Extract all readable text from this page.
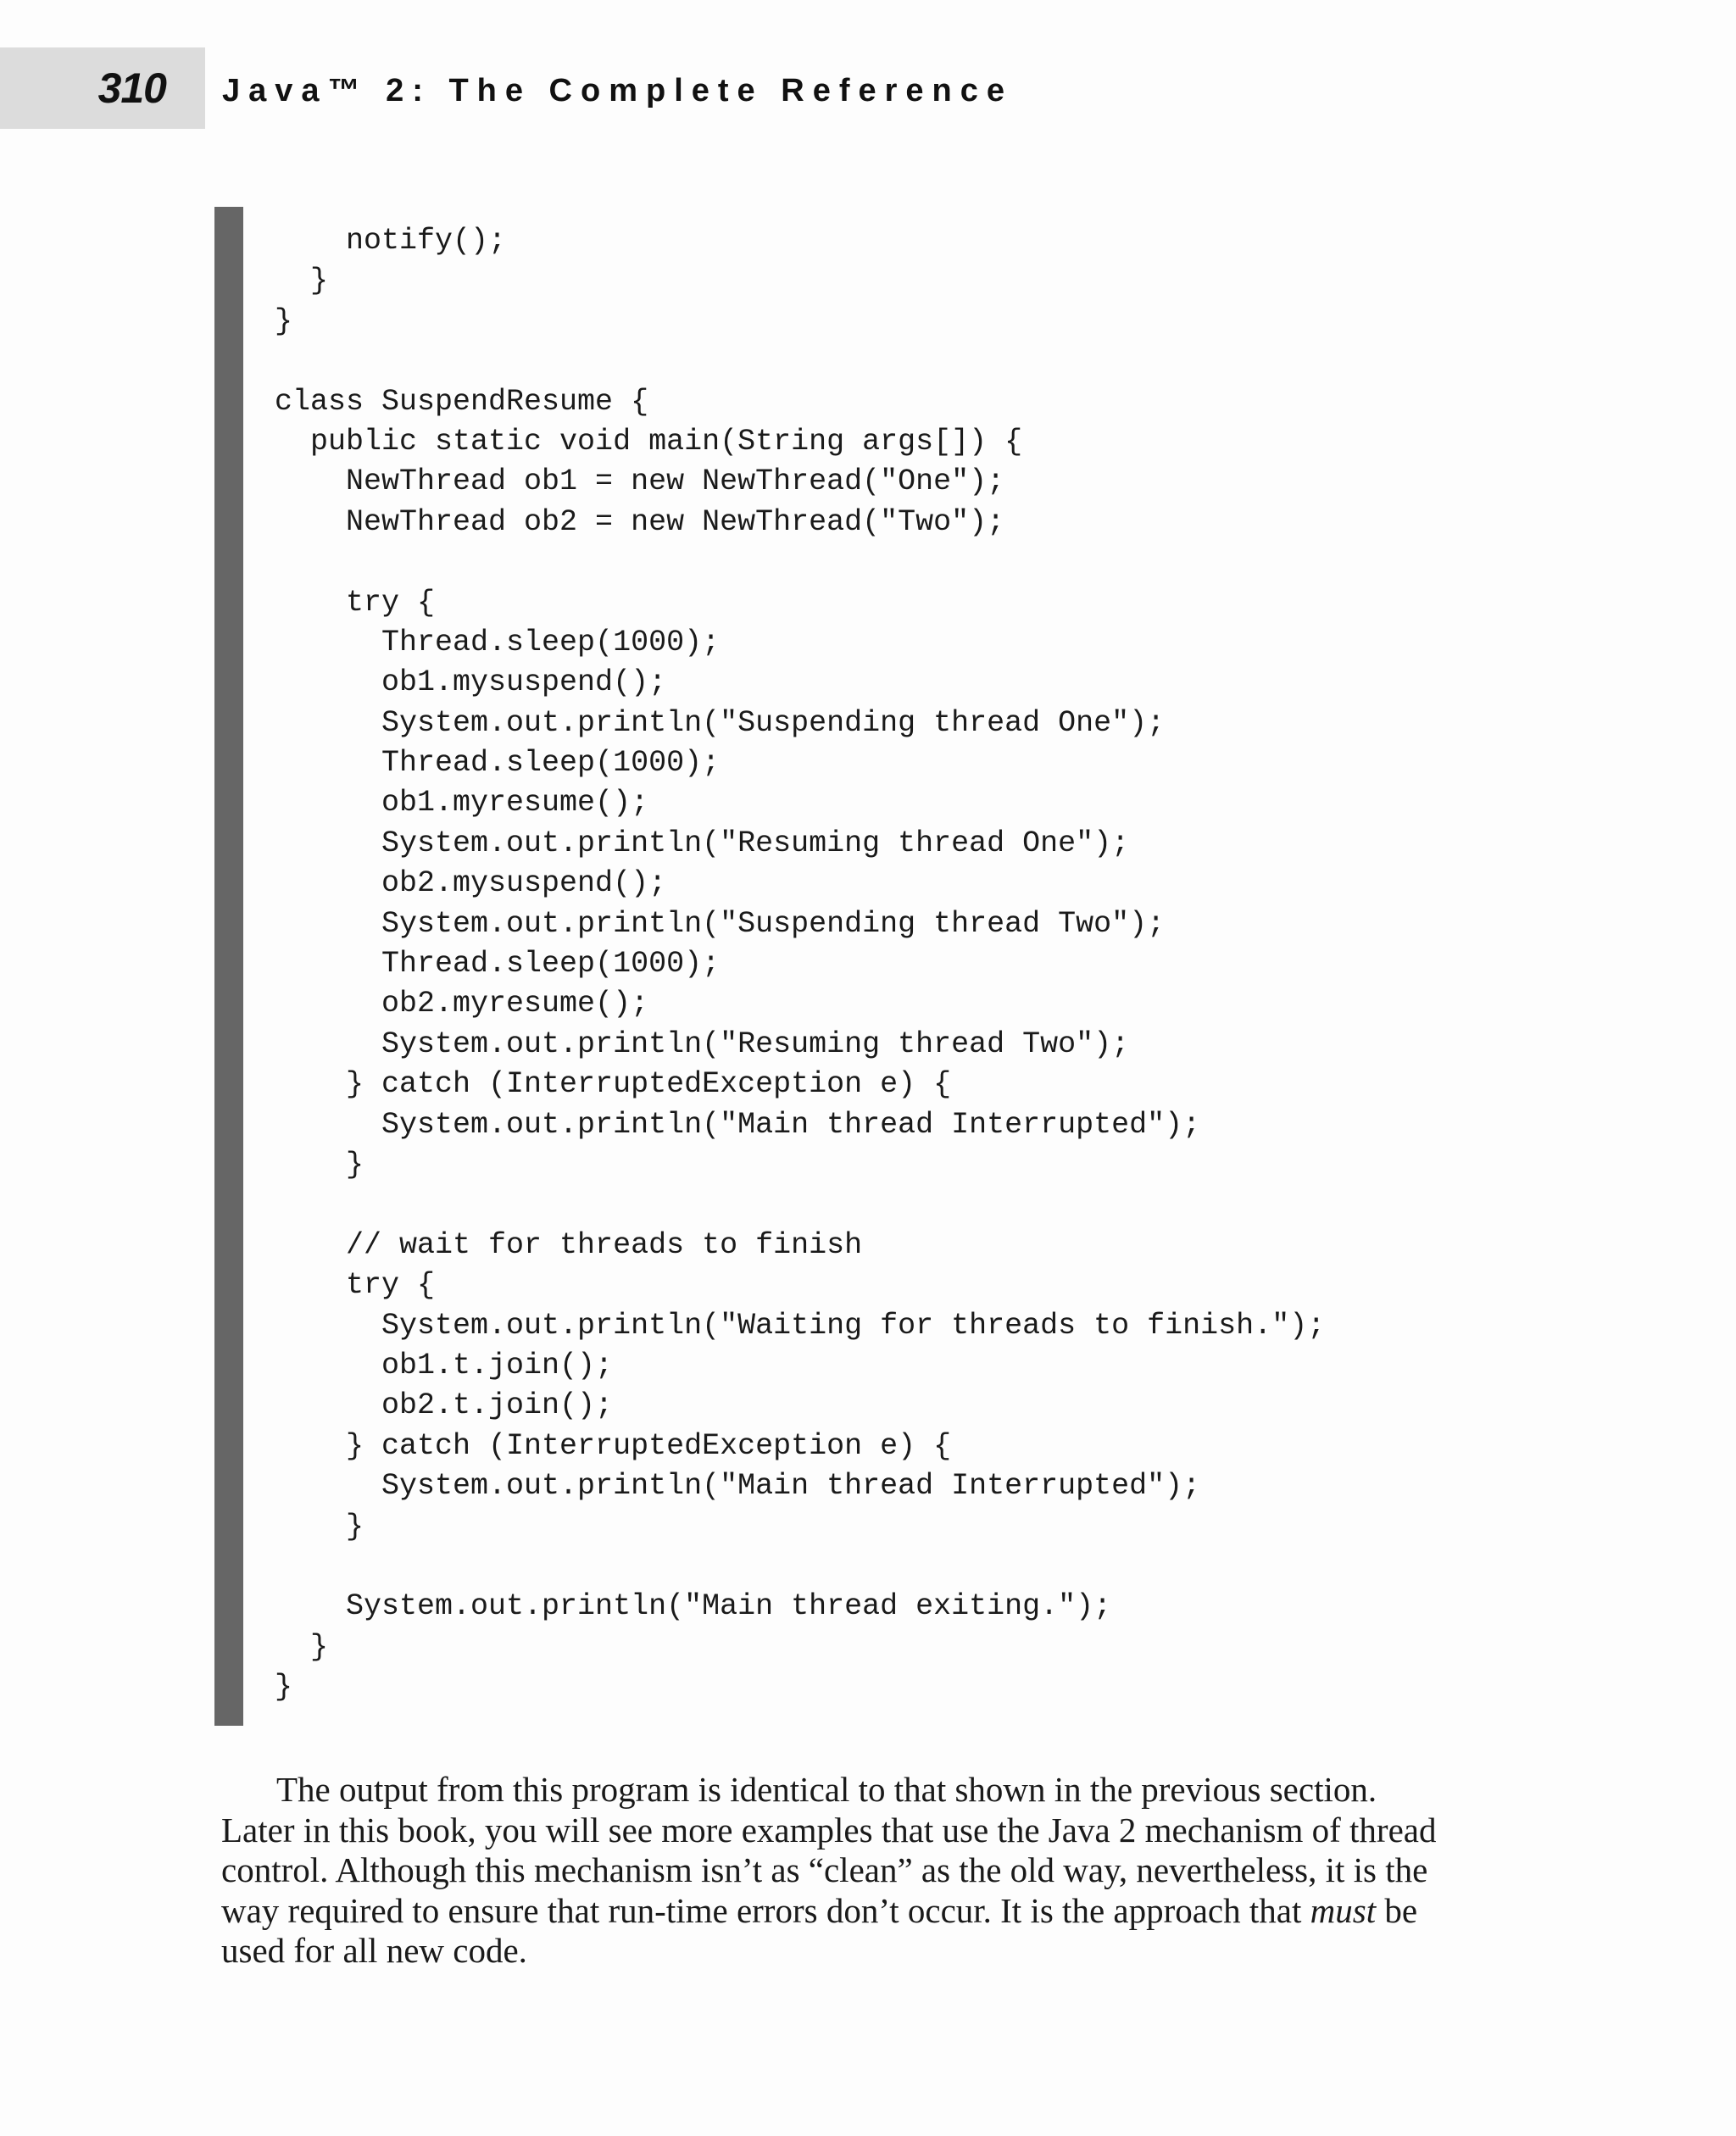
310 Java™ 2: The Complete Reference
notify();
}
}

class SuspendResume {
public static void main(String args[]) {
NewThread ob1 = new NewThread("One");
NewThread ob2 = new NewThread("Two");

try {
Thread.sleep(1000);
ob1.mysuspend();
System.out.println("Suspending thread One");
Thread.sleep(1000);
ob1.myresume();
System.out.println("Resuming thread One");
ob2.mysuspend();
System.out.println("Suspending thread Two");
Thread.sleep(1000);
ob2.myresume();
System.out.println("Resuming thread Two");
} catch (InterruptedException e) {
System.out.println("Main thread Interrupted");
}

// wait for threads to finish
try {
System.out.println("Waiting for threads to finish.");
ob1.t.join();
ob2.t.join();
} catch (InterruptedException e) {
System.out.println("Main thread Interrupted");
}

System.out.println("Main thread exiting.");
}
}
The output from this program is identical to that shown in the previous section.
Later in this book, you will see more examples that use the Java 2 mechanism of thread
control. Although this mechanism isn’t as “clean” as the old way, nevertheless, it is the
way required to ensure that run-time errors don’t occur. It is the approach that must be
used for all new code.
